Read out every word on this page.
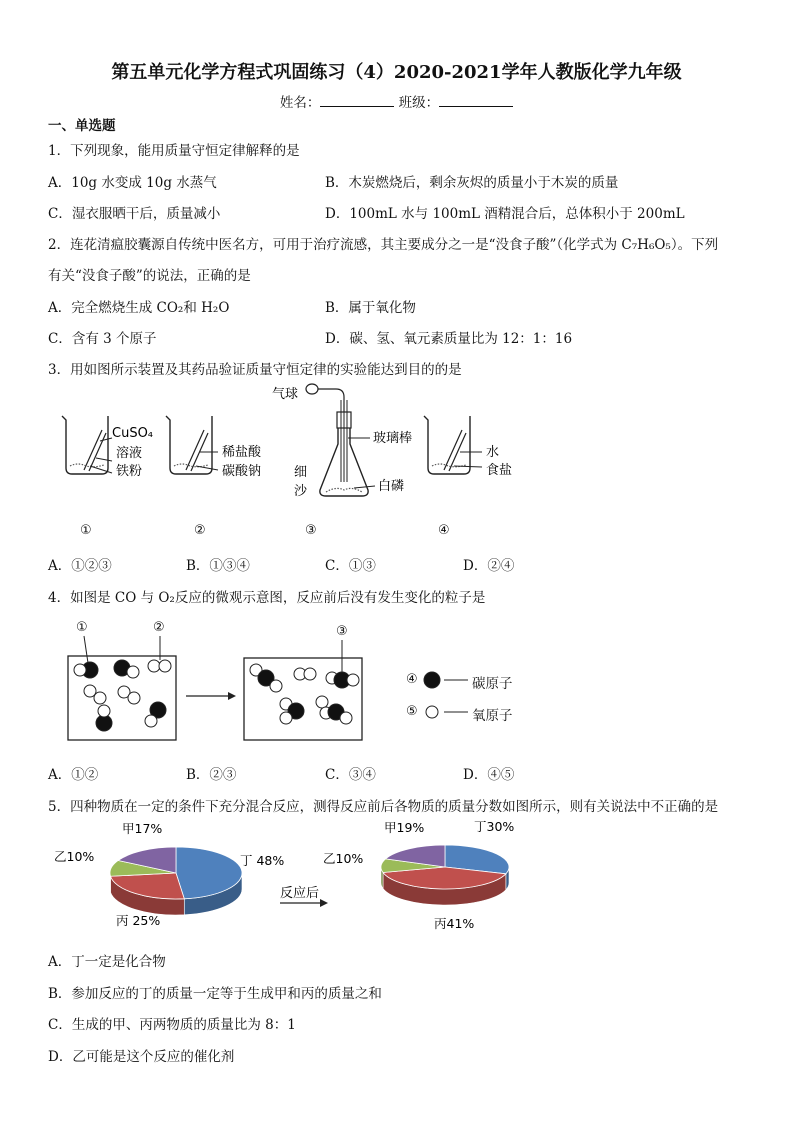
第五单元化学方程式巩固练习（4）2020-2021学年人教版化学九年级
姓名：	班级：
一、单选题
1．下列现象，能用质量守恒定律解释的是
A．10g 水变成 10g 水蒸气	B．木炭燃烧后，剩余灰烬的质量小于木炭的质量
C．湿衣服晒干后，质量减小	D．100mL 水与 100mL 酒精混合后，总体积小于 200mL
2．连花清瘟胶囊源自传统中医名方，可用于治疗流感，其主要成分之一是“没食子酸”（化学式为 C₇H₆O₅）。下列
有关“没食子酸”的说法，正确的是
A．完全燃烧生成 CO₂和 H₂O	B．属于氧化物
C．含有 3 个原子	D．碳、氢、氧元素质量比为 12：1：16
3．用如图所示装置及其药品验证质量守恒定律的实验能达到目的的是
CuSO₄
溶液
铁粉
稀盐酸
碳酸钠
气球
玻璃棒
细
沙	白磷
水
食盐
①	②	③	④
A．①②③	B．①③④	C．①③	D．②④
4．如图是 CO 与 O₂反应的微观示意图，反应前后没有发生变化的粒子是
①	②	③
④	碳原子
⑤	氧原子
A．①②	B．②③	C．③④	D．④⑤
5．四种物质在一定的条件下充分混合反应，测得反应前后各物质的质量分数如图所示，则有关说法中不正确的是
反应后
甲17%
乙10%
丙 25%
丁 48%
甲19%
乙10%
丙41%
丁30%
A．丁一定是化合物
B．参加反应的丁的质量一定等于生成甲和丙的质量之和
C．生成的甲、丙两物质的质量比为 8：1
D．乙可能是这个反应的催化剂
